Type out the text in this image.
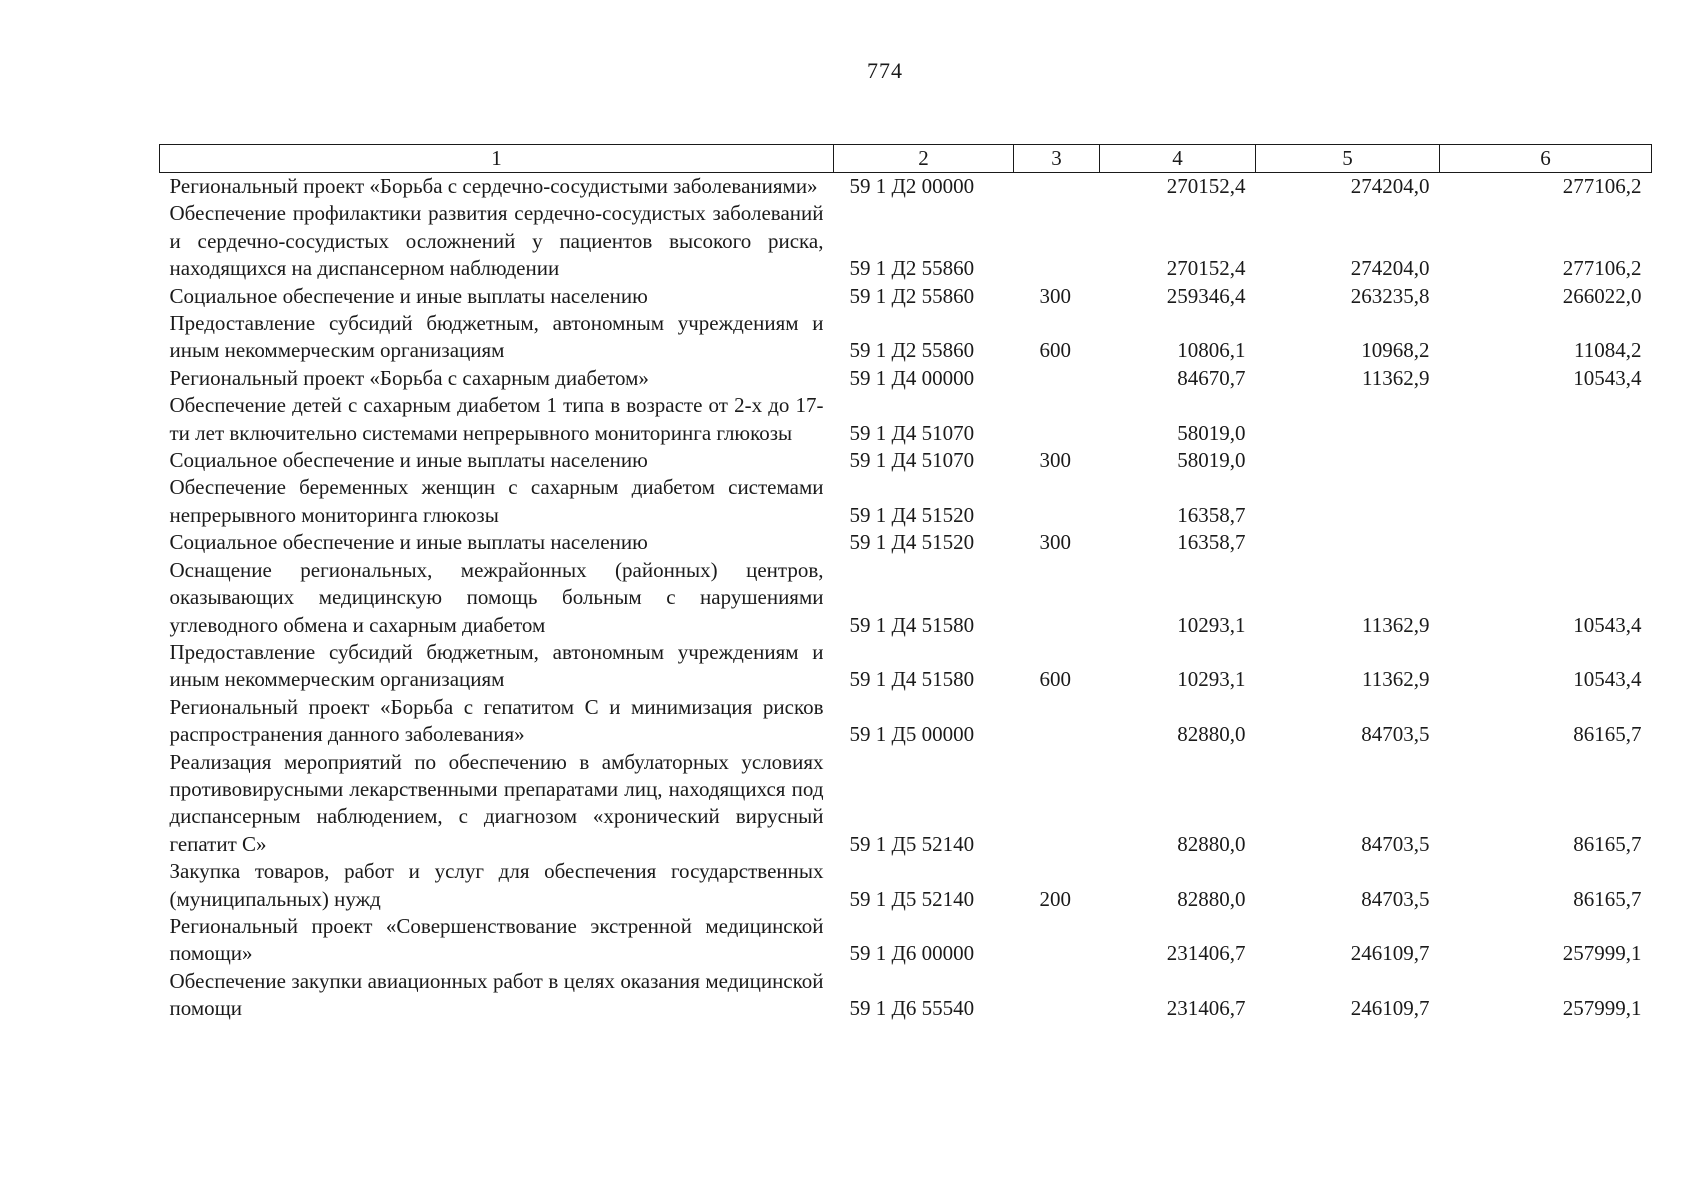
774
1	2	3	4	5	6
Региональный проект «Борьба с сердечно-сосудистыми заболеваниями»	59 1 Д2 00000		270152,4	274204,0	277106,2
Обеспечение профилактики развития сердечно-сосудистых заболеваний и сердечно-сосудистых осложнений у пациентов высокого риска, находящихся на диспансерном наблюдении	59 1 Д2 55860		270152,4	274204,0	277106,2
Социальное обеспечение и иные выплаты населению	59 1 Д2 55860	300	259346,4	263235,8	266022,0
Предоставление субсидий бюджетным, автономным учреждениям и иным некоммерческим организациям	59 1 Д2 55860	600	10806,1	10968,2	11084,2
Региональный проект «Борьба с сахарным диабетом»	59 1 Д4 00000		84670,7	11362,9	10543,4
Обеспечение детей с сахарным диабетом 1 типа в возрасте от 2-х до 17-ти лет включительно системами непрерывного мониторинга глюкозы	59 1 Д4 51070		58019,0		
Социальное обеспечение и иные выплаты населению	59 1 Д4 51070	300	58019,0		
Обеспечение беременных женщин с сахарным диабетом системами непрерывного мониторинга глюкозы	59 1 Д4 51520		16358,7		
Социальное обеспечение и иные выплаты населению	59 1 Д4 51520	300	16358,7		
Оснащение региональных, межрайонных (районных) центров, оказывающих медицинскую помощь больным с нарушениями углеводного обмена и сахарным диабетом	59 1 Д4 51580		10293,1	11362,9	10543,4
Предоставление субсидий бюджетным, автономным учреждениям и иным некоммерческим организациям	59 1 Д4 51580	600	10293,1	11362,9	10543,4
Региональный проект «Борьба с гепатитом С и минимизация рисков распространения данного заболевания»	59 1 Д5 00000		82880,0	84703,5	86165,7
Реализация мероприятий по обеспечению в амбулаторных условиях противовирусными лекарственными препаратами лиц, находящихся под диспансерным наблюдением, с диагнозом «хронический вирусный гепатит С»	59 1 Д5 52140		82880,0	84703,5	86165,7
Закупка товаров, работ и услуг для обеспечения государственных (муниципальных) нужд	59 1 Д5 52140	200	82880,0	84703,5	86165,7
Региональный проект «Совершенствование экстренной медицинской помощи»	59 1 Д6 00000		231406,7	246109,7	257999,1
Обеспечение закупки авиационных работ в целях оказания медицинской помощи	59 1 Д6 55540		231406,7	246109,7	257999,1
